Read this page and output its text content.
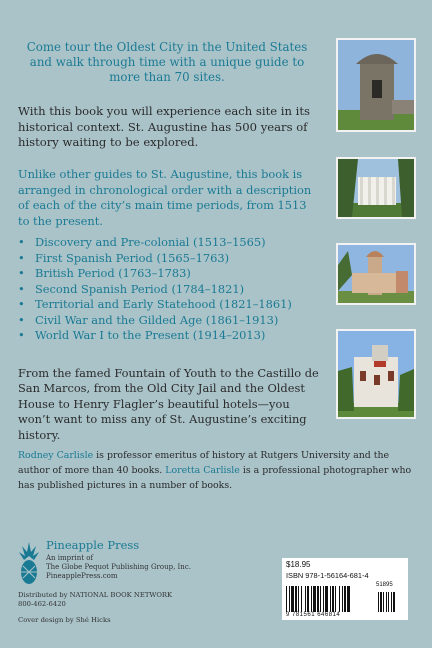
Come tour the Oldest City in the United States and walk through time with a unique guide to more than 70 sites.
With this book you will experience each site in its historical context. St. Augustine has 500 years of history waiting to be explored.
Unlike other guides to St. Augustine, this book is arranged in chronological order with a description of each of the city’s main time periods, from 1513 to the present.
• Discovery and Pre-colonial (1513–1565)
• First Spanish Period (1565–1763)
• British Period (1763–1783)
• Second Spanish Period (1784–1821)
• Territorial and Early Statehood (1821–1861)
• Civil War and the Gilded Age (1861–1913)
• World War I to the Present (1914–2013)
From the famed Fountain of Youth to the Castillo de San Marcos, from the Old City Jail and the Oldest House to Henry Flagler’s beautiful hotels—you won’t want to miss any of St. Augustine’s exciting history.
Rodney Carlisle is professor emeritus of history at Rutgers University and the author of more than 40 books. Loretta Carlisle is a professional photographer who has published pictures in a number of books.
Pineapple Press
An imprint of
The Globe Pequot Publishing Group, Inc.
PineapplePress.com
Distributed by NATIONAL BOOK NETWORK
800-462-6420
Cover design by Shé Hicks
$18.95
ISBN 978-1-56164-681-4
51895
9 781561 646814
